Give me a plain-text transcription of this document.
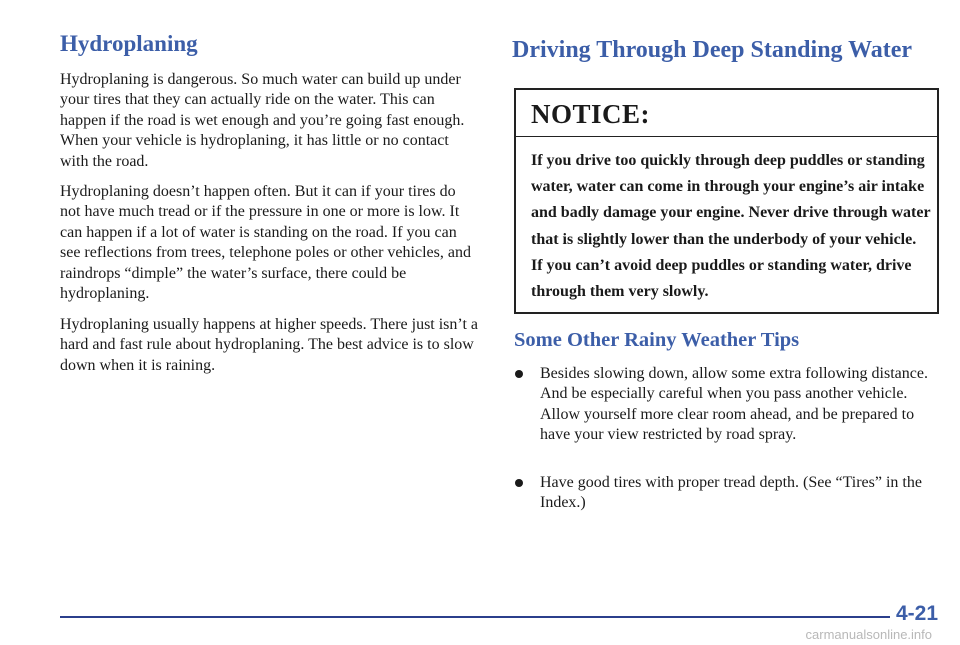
Hydroplaning

Hydroplaning is dangerous. So much water can build up under your tires that they can actually ride on the water. This can happen if the road is wet enough and you’re going fast enough. When your vehicle is hydroplaning, it has little or no contact with the road.

Hydroplaning doesn’t happen often. But it can if your tires do not have much tread or if the pressure in one or more is low. It can happen if a lot of water is standing on the road. If you can see reflections from trees, telephone poles or other vehicles, and raindrops “dimple” the water’s surface, there could be hydroplaning.

Hydroplaning usually happens at higher speeds. There just isn’t a hard and fast rule about hydroplaning. The best advice is to slow down when it is raining.

Driving Through Deep Standing Water
NOTICE:

If you drive too quickly through deep puddles or standing water, water can come in through your engine’s air intake and badly damage your engine. Never drive through water that is slightly lower than the underbody of your vehicle. If you can’t avoid deep puddles or standing water, drive through them very slowly.

Some Other Rainy Weather Tips

Besides slowing down, allow some extra following distance. And be especially careful when you pass another vehicle. Allow yourself more clear room ahead, and be prepared to have your view restricted by road spray.

Have good tires with proper tread depth. (See “Tires” in the Index.)

4-21
carmanualsonline.info
